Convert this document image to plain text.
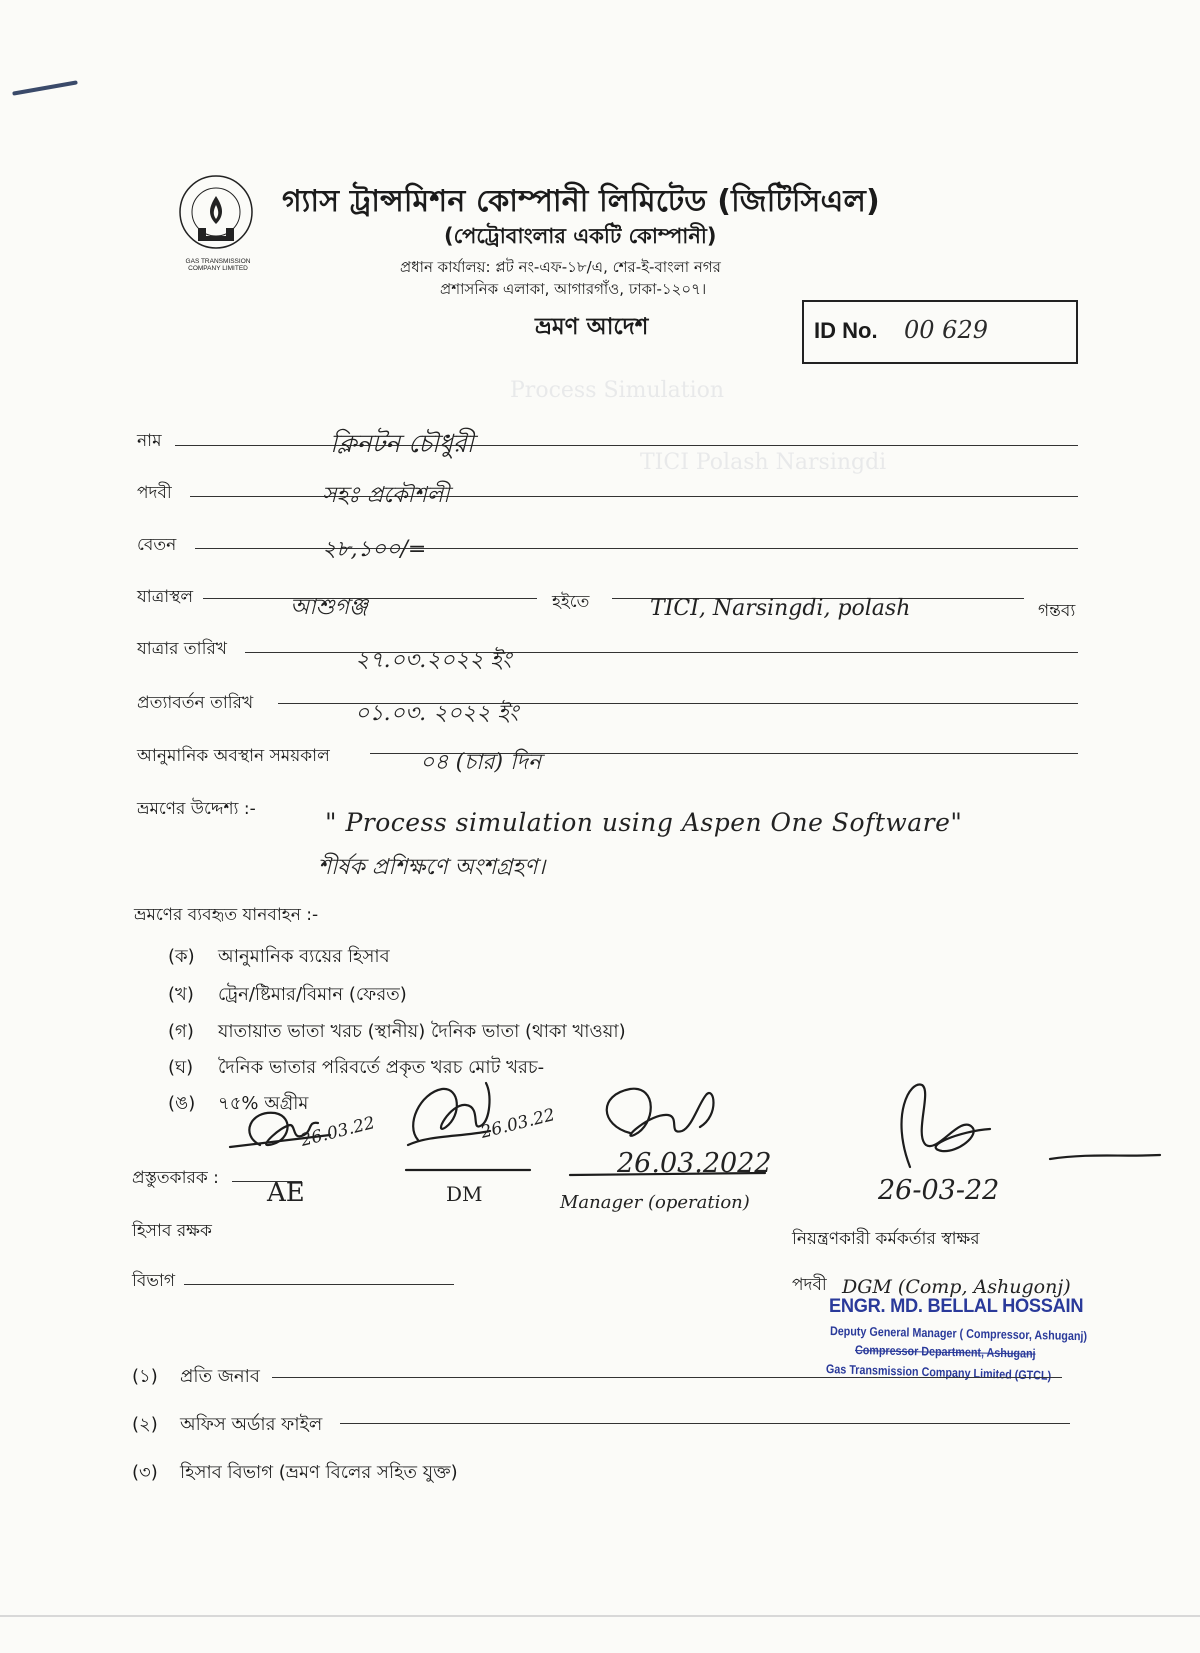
Process Simulation
TICI Polash Narsingdi
GAS TRANSMISSION COMPANY LIMITED
গ্যাস ট্রান্সমিশন কোম্পানী লিমিটেড (জিটিসিএল)
(পেট্রোবাংলার একটি কোম্পানী)
প্রধান কার্যালয়: প্লট নং-এফ-১৮/এ, শের-ই-বাংলা নগর
প্রশাসনিক এলাকা, আগারগাঁও, ঢাকা-১২০৭।
ভ্রমণ আদেশ	ID No. 00 629
নাম	ক্লিনটন চৌধুরী
পদবী	সহঃ প্রকৌশলী
বেতন	২৮,১০০/=
যাত্রাস্থল	আশুগঞ্জ	হইতে	TICI, Narsingdi, polash	গন্তব্য
যাত্রার তারিখ	২৭.০৩.২০২২ ইং
প্রত্যাবর্তন তারিখ	০১.০৩. ২০২২ ইং
আনুমানিক অবস্থান সময়কাল	০৪ (চার) দিন
ভ্রমণের উদ্দেশ্য :-	" Process simulation using Aspen One Software"
শীর্ষক প্রশিক্ষণে অংশগ্রহণ।
ভ্রমণের ব্যবহৃত যানবাহন :-
(ক) আনুমানিক ব্যয়ের হিসাব
(খ) ট্রেন/ষ্টিমার/বিমান (ফেরত)
(গ) যাতায়াত ভাতা খরচ (স্থানীয়) দৈনিক ভাতা (থাকা খাওয়া)
(ঘ) দৈনিক ভাতার পরিবর্তে প্রকৃত খরচ মোট খরচ-
(ঙ) ৭৫% অগ্রীম
26.03.22	26.03.22
26.03.2022
26-03-22
প্রস্তুতকারক : AE	DM	Manager (operation)
হিসাব রক্ষক	নিয়ন্ত্রণকারী কর্মকর্তার স্বাক্ষর
বিভাগ	পদবী DGM (Comp, Ashugonj)
ENGR. MD. BELLAL HOSSAIN
Deputy General Manager ( Compressor, Ashuganj)
Compressor Department, Ashuganj
Gas Transmission Company Limited (GTCL)
(১) প্রতি জনাব
(২) অফিস অর্ডার ফাইল
(৩) হিসাব বিভাগ (ভ্রমণ বিলের সহিত যুক্ত)
